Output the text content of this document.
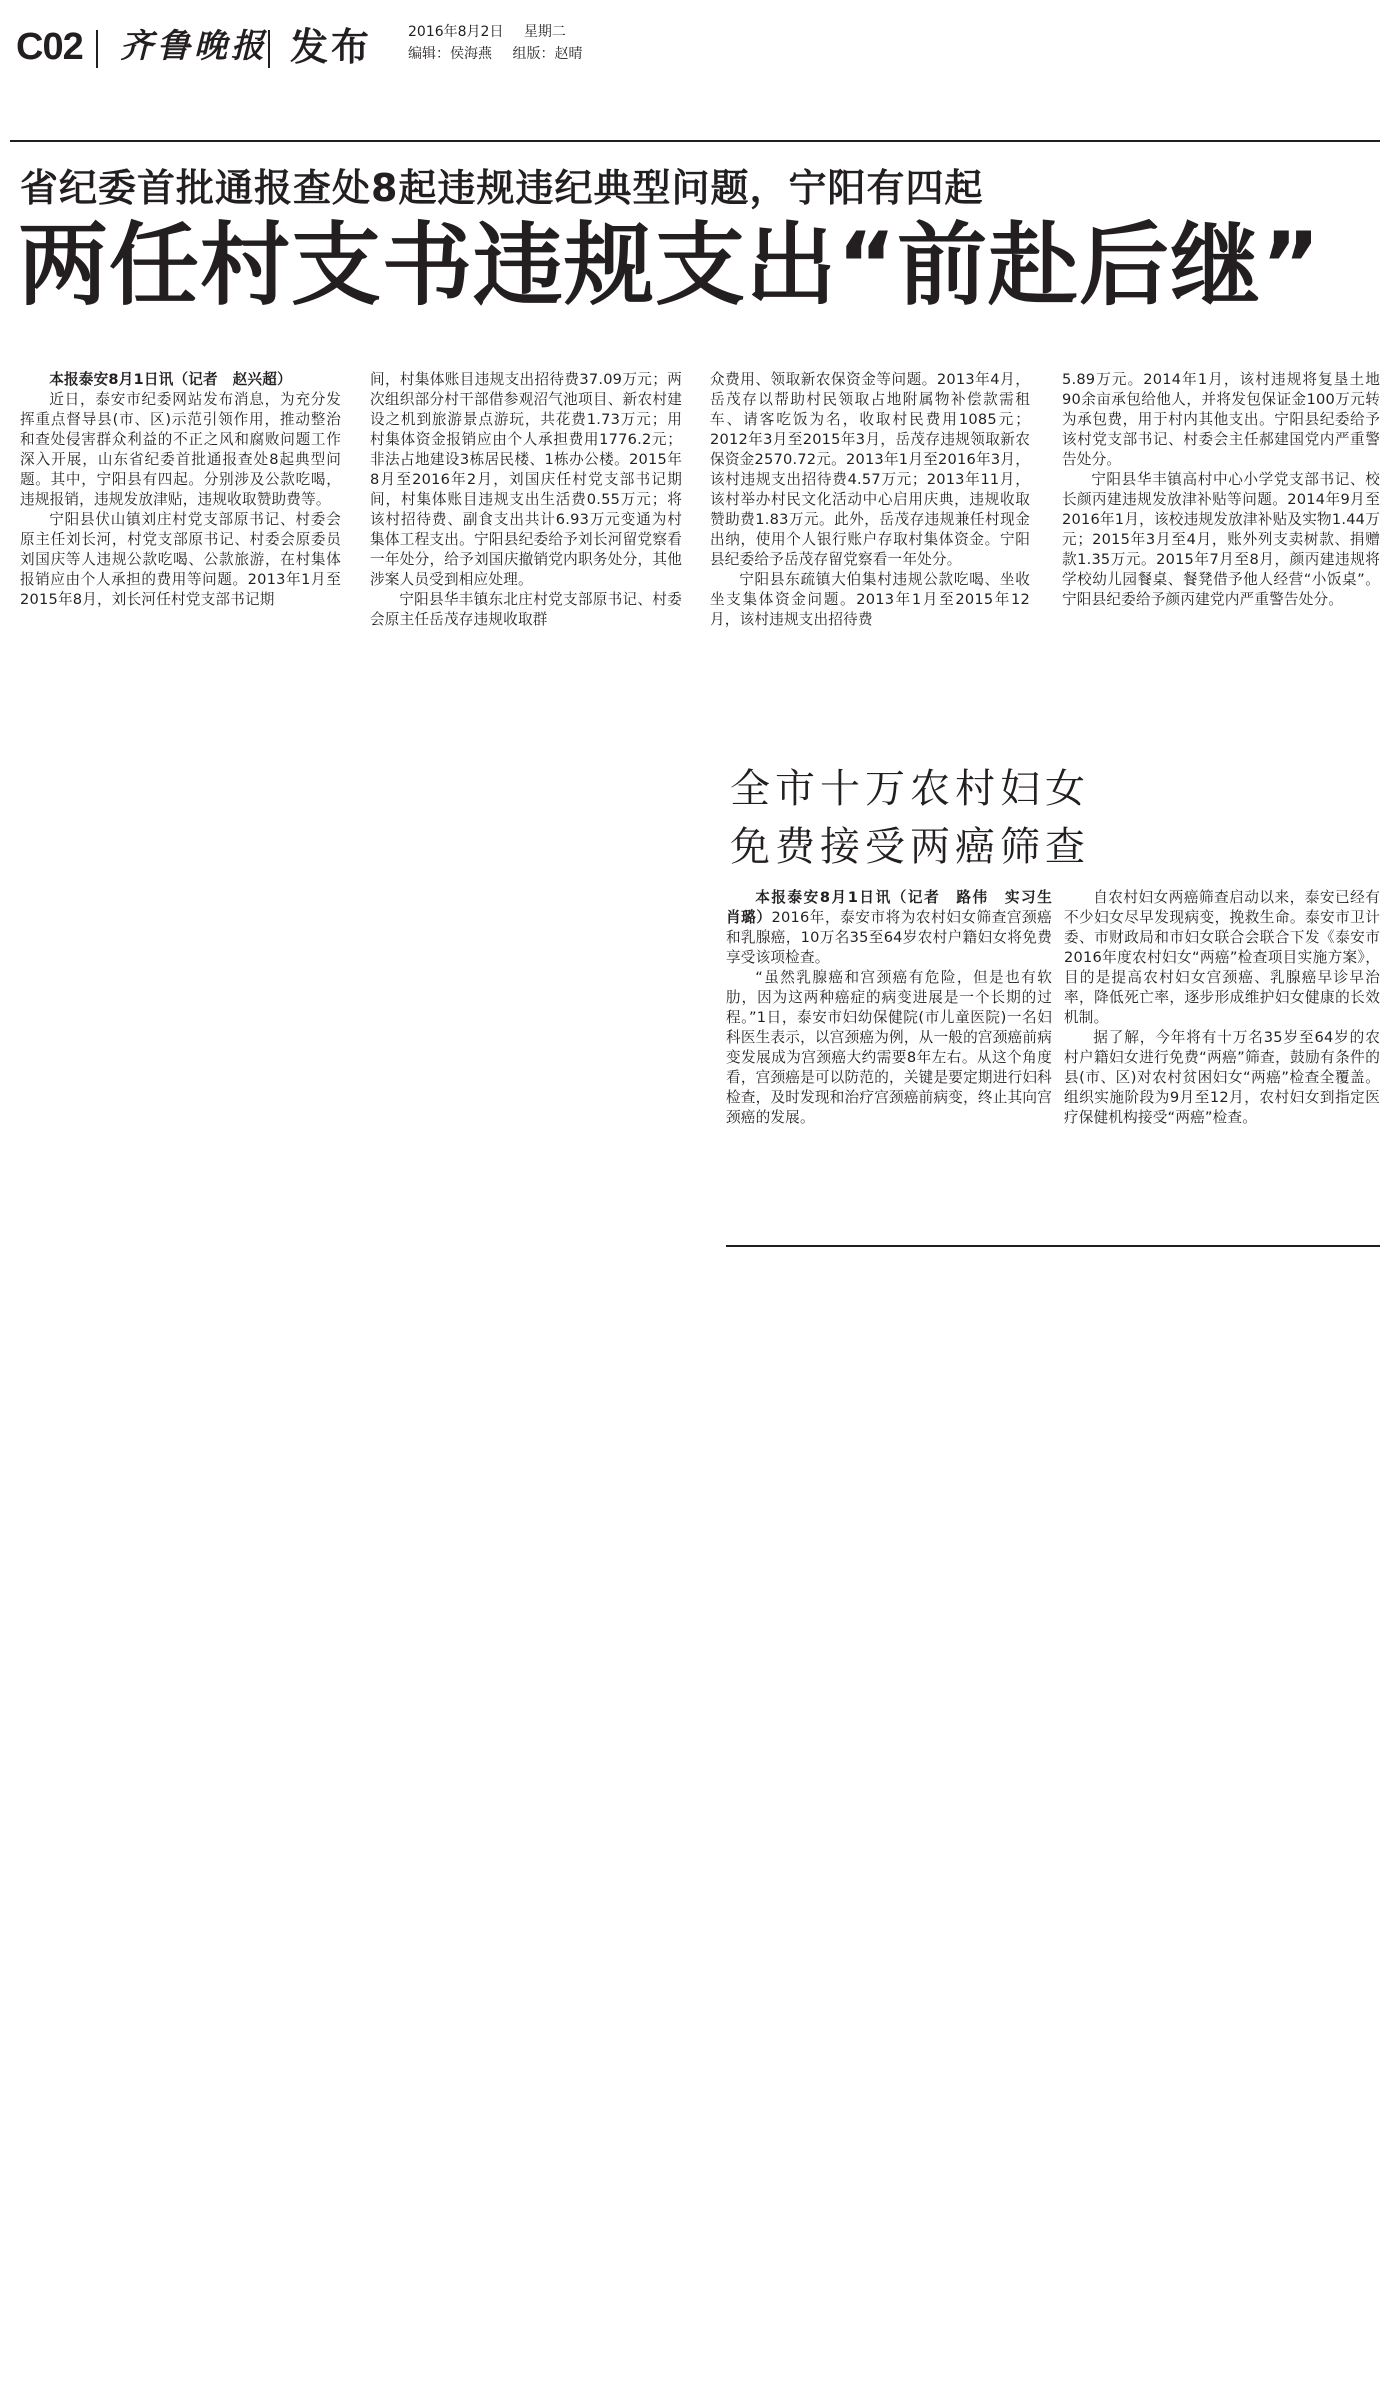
C02 齐鲁晚报 发布	2016年8月2日 星期二
编辑：侯海燕 组版：赵晴
省纪委首批通报查处8起违规违纪典型问题，宁阳有四起
两任村支书违规支出“前赴后继”

本报泰安8月1日讯（记者　赵兴超）

近日，泰安市纪委网站发布消息，为充分发挥重点督导县(市、区)示范引领作用，推动整治和查处侵害群众利益的不正之风和腐败问题工作深入开展，山东省纪委首批通报查处8起典型问题。其中，宁阳县有四起。分别涉及公款吃喝，违规报销，违规发放津贴，违规收取赞助费等。

宁阳县伏山镇刘庄村党支部原书记、村委会原主任刘长河，村党支部原书记、村委会原委员刘国庆等人违规公款吃喝、公款旅游，在村集体报销应由个人承担的费用等问题。2013年1月至2015年8月，刘长河任村党支部书记期

间，村集体账目违规支出招待费37.09万元；两次组织部分村干部借参观沼气池项目、新农村建设之机到旅游景点游玩，共花费1.73万元；用村集体资金报销应由个人承担费用1776.2元；非法占地建设3栋居民楼、1栋办公楼。2015年8月至2016年2月，刘国庆任村党支部书记期间，村集体账目违规支出生活费0.55万元；将该村招待费、副食支出共计6.93万元变通为村集体工程支出。宁阳县纪委给予刘长河留党察看一年处分，给予刘国庆撤销党内职务处分，其他涉案人员受到相应处理。

宁阳县华丰镇东北庄村党支部原书记、村委会原主任岳茂存违规收取群

众费用、领取新农保资金等问题。2013年4月，岳茂存以帮助村民领取占地附属物补偿款需租车、请客吃饭为名，收取村民费用1085元；2012年3月至2015年3月，岳茂存违规领取新农保资金2570.72元。2013年1月至2016年3月，该村违规支出招待费4.57万元；2013年11月，该村举办村民文化活动中心启用庆典，违规收取赞助费1.83万元。此外，岳茂存违规兼任村现金出纳，使用个人银行账户存取村集体资金。宁阳县纪委给予岳茂存留党察看一年处分。

宁阳县东疏镇大伯集村违规公款吃喝、坐收坐支集体资金问题。2013年1月至2015年12月，该村违规支出招待费

5.89万元。2014年1月，该村违规将复垦土地90余亩承包给他人，并将发包保证金100万元转为承包费，用于村内其他支出。宁阳县纪委给予该村党支部书记、村委会主任郝建国党内严重警告处分。

宁阳县华丰镇高村中心小学党支部书记、校长颜丙建违规发放津补贴等问题。2014年9月至2016年1月，该校违规发放津补贴及实物1.44万元；2015年3月至4月，账外列支卖树款、捐赠款1.35万元。2015年7月至8月，颜丙建违规将学校幼儿园餐桌、餐凳借予他人经营“小饭桌”。宁阳县纪委给予颜丙建党内严重警告处分。

全市十万农村妇女
免费接受两癌筛查

本报泰安8月1日讯（记者　路伟　实习生　肖璐）2016年，泰安市将为农村妇女筛查宫颈癌和乳腺癌，10万名35至64岁农村户籍妇女将免费享受该项检查。

“虽然乳腺癌和宫颈癌有危险，但是也有软肋，因为这两种癌症的病变进展是一个长期的过程。”1日，泰安市妇幼保健院(市儿童医院)一名妇科医生表示，以宫颈癌为例，从一般的宫颈癌前病变发展成为宫颈癌大约需要8年左右。从这个角度看，宫颈癌是可以防范的，关键是要定期进行妇科检查，及时发现和治疗宫颈癌前病变，终止其向宫颈癌的发展。

自农村妇女两癌筛查启动以来，泰安已经有不少妇女尽早发现病变，挽救生命。泰安市卫计委、市财政局和市妇女联合会联合下发《泰安市2016年度农村妇女“两癌”检查项目实施方案》，目的是提高农村妇女宫颈癌、乳腺癌早诊早治率，降低死亡率，逐步形成维护妇女健康的长效机制。

据了解，今年将有十万名35岁至64岁的农村户籍妇女进行免费“两癌”筛查，鼓励有条件的县(市、区)对农村贫困妇女“两癌”检查全覆盖。组织实施阶段为9月至12月，农村妇女到指定医疗保健机构接受“两癌”检查。
